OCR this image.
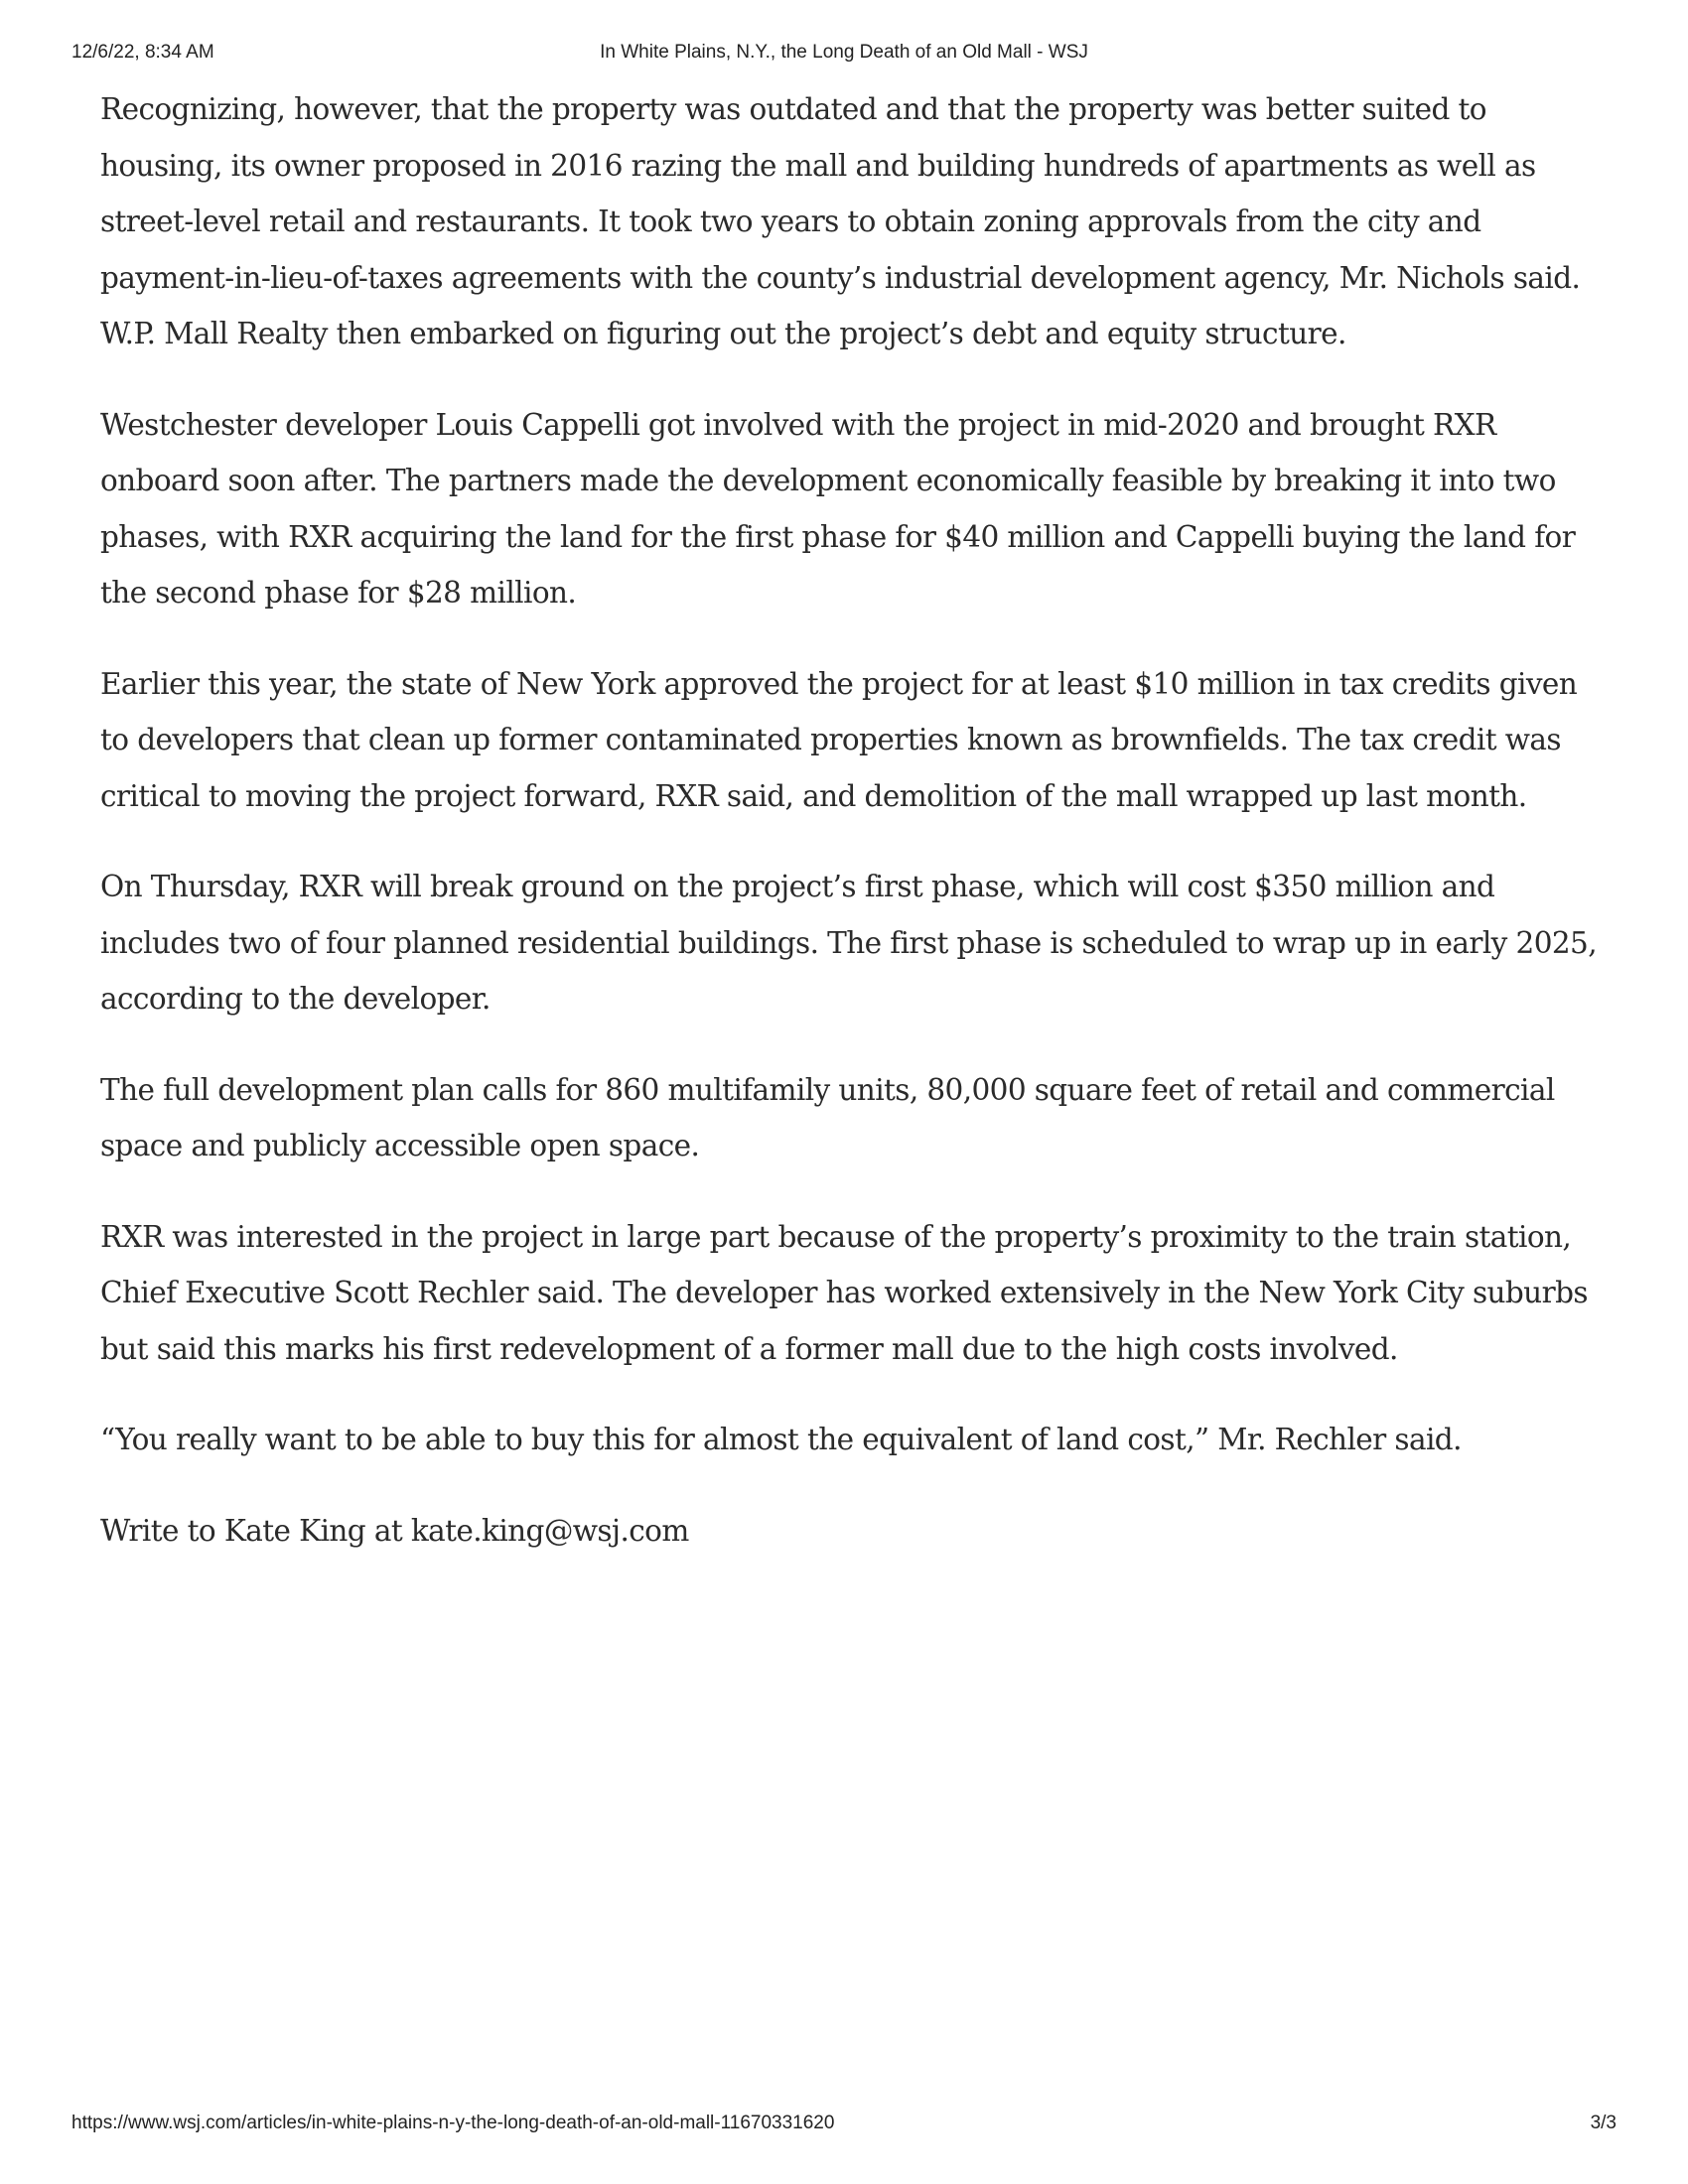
12/6/22, 8:34 AM	In White Plains, N.Y., the Long Death of an Old Mall - WSJ

Recognizing, however, that the property was outdated and that the property was better suited to housing, its owner proposed in 2016 razing the mall and building hundreds of apartments as well as street-level retail and restaurants. It took two years to obtain zoning approvals from the city and payment-in-lieu-of-taxes agreements with the county’s industrial development agency, Mr. Nichols said. W.P. Mall Realty then embarked on figuring out the project’s debt and equity structure.

Westchester developer Louis Cappelli got involved with the project in mid-2020 and brought RXR onboard soon after. The partners made the development economically feasible by breaking it into two phases, with RXR acquiring the land for the first phase for $40 million and Cappelli buying the land for the second phase for $28 million.

Earlier this year, the state of New York approved the project for at least $10 million in tax credits given to developers that clean up former contaminated properties known as brownfields. The tax credit was critical to moving the project forward, RXR said, and demolition of the mall wrapped up last month.

On Thursday, RXR will break ground on the project’s first phase, which will cost $350 million and includes two of four planned residential buildings. The first phase is scheduled to wrap up in early 2025, according to the developer.

The full development plan calls for 860 multifamily units, 80,000 square feet of retail and commercial space and publicly accessible open space.

RXR was interested in the project in large part because of the property’s proximity to the train station, Chief Executive Scott Rechler said. The developer has worked extensively in the New York City suburbs but said this marks his first redevelopment of a former mall due to the high costs involved.

“You really want to be able to buy this for almost the equivalent of land cost,” Mr. Rechler said.

Write to Kate King at kate.king@wsj.com

https://www.wsj.com/articles/in-white-plains-n-y-the-long-death-of-an-old-mall-11670331620	3/3
